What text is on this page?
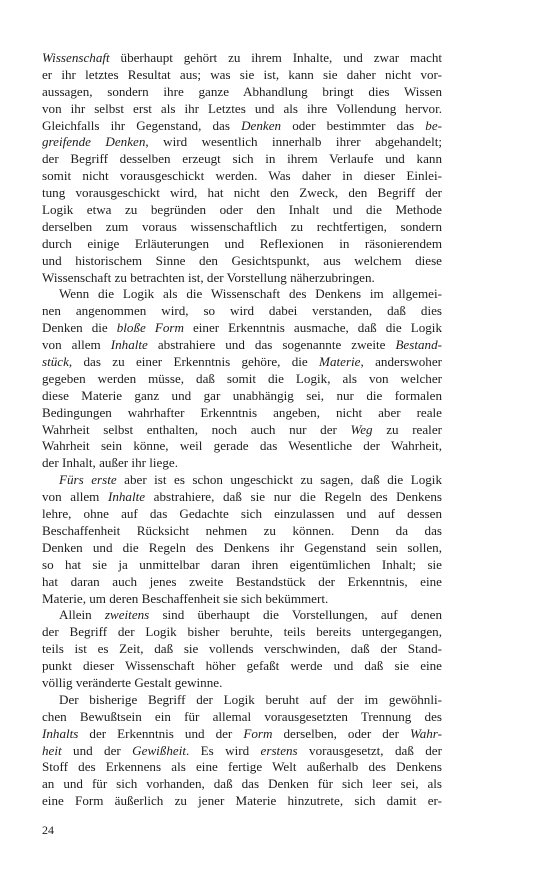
Wissenschaft überhaupt gehört zu ihrem Inhalte, und zwar macht
er ihr letztes Resultat aus; was sie ist, kann sie daher nicht vor-
aussagen, sondern ihre ganze Abhandlung bringt dies Wissen
von ihr selbst erst als ihr Letztes und als ihre Vollendung hervor.
Gleichfalls ihr Gegenstand, das Denken oder bestimmter das be-
greifende Denken, wird wesentlich innerhalb ihrer abgehandelt;
der Begriff desselben erzeugt sich in ihrem Verlaufe und kann
somit nicht vorausgeschickt werden. Was daher in dieser Einlei-
tung vorausgeschickt wird, hat nicht den Zweck, den Begriff der
Logik etwa zu begründen oder den Inhalt und die Methode
derselben zum voraus wissenschaftlich zu rechtfertigen, sondern
durch einige Erläuterungen und Reflexionen in räsonierendem
und historischem Sinne den Gesichtspunkt, aus welchem diese
Wissenschaft zu betrachten ist, der Vorstellung näherzubringen.
Wenn die Logik als die Wissenschaft des Denkens im allgemei-
nen angenommen wird, so wird dabei verstanden, daß dies
Denken die bloße Form einer Erkenntnis ausmache, daß die Logik
von allem Inhalte abstrahiere und das sogenannte zweite Bestand-
stück, das zu einer Erkenntnis gehöre, die Materie, anderswoher
gegeben werden müsse, daß somit die Logik, als von welcher
diese Materie ganz und gar unabhängig sei, nur die formalen
Bedingungen wahrhafter Erkenntnis angeben, nicht aber reale
Wahrheit selbst enthalten, noch auch nur der Weg zu realer
Wahrheit sein könne, weil gerade das Wesentliche der Wahrheit,
der Inhalt, außer ihr liege.
Fürs erste aber ist es schon ungeschickt zu sagen, daß die Logik
von allem Inhalte abstrahiere, daß sie nur die Regeln des Denkens
lehre, ohne auf das Gedachte sich einzulassen und auf dessen
Beschaffenheit Rücksicht nehmen zu können. Denn da das
Denken und die Regeln des Denkens ihr Gegenstand sein sollen,
so hat sie ja unmittelbar daran ihren eigentümlichen Inhalt; sie
hat daran auch jenes zweite Bestandstück der Erkenntnis, eine
Materie, um deren Beschaffenheit sie sich bekümmert.
Allein zweitens sind überhaupt die Vorstellungen, auf denen
der Begriff der Logik bisher beruhte, teils bereits untergegangen,
teils ist es Zeit, daß sie vollends verschwinden, daß der Stand-
punkt dieser Wissenschaft höher gefaßt werde und daß sie eine
völlig veränderte Gestalt gewinne.
Der bisherige Begriff der Logik beruht auf der im gewöhnli-
chen Bewußtsein ein für allemal vorausgesetzten Trennung des
Inhalts der Erkenntnis und der Form derselben, oder der Wahr-
heit und der Gewißheit. Es wird erstens vorausgesetzt, daß der
Stoff des Erkennens als eine fertige Welt außerhalb des Denkens
an und für sich vorhanden, daß das Denken für sich leer sei, als
eine Form äußerlich zu jener Materie hinzutrete, sich damit er-
24
